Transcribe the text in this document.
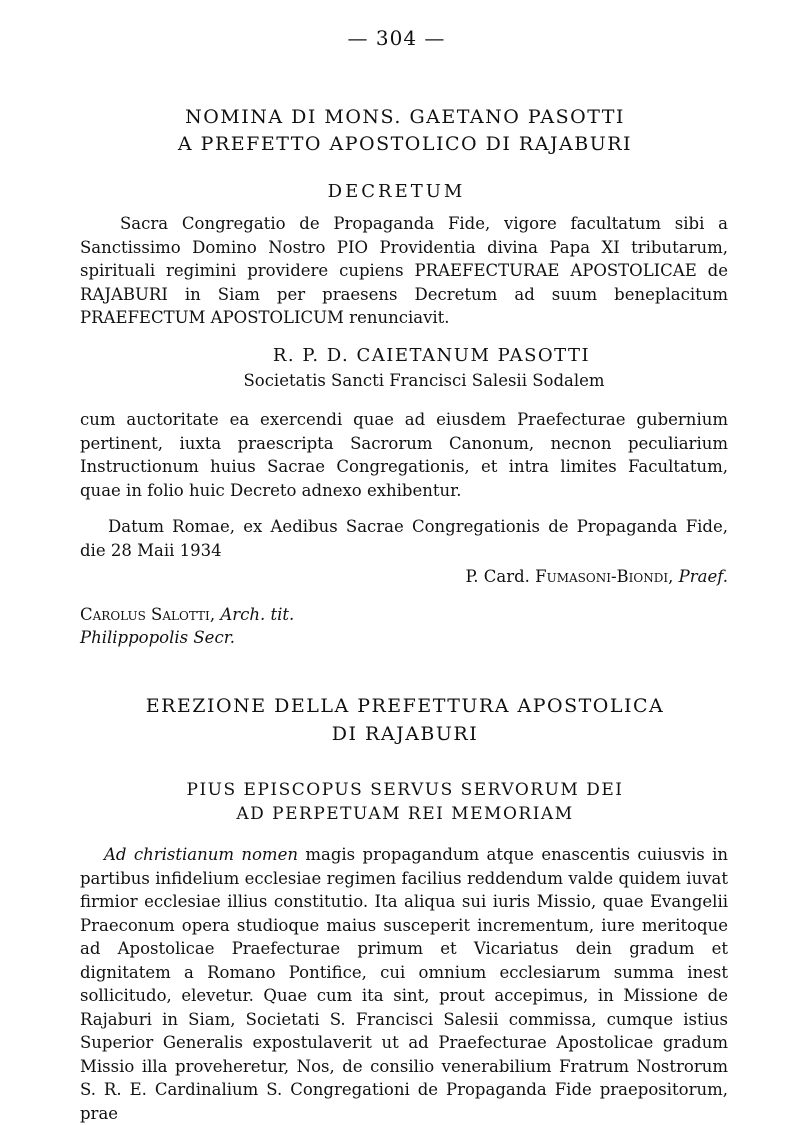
— 304 —
NOMINA DI MONS. GAETANO PASOTTI
A PREFETTO APOSTOLICO DI RAJABURI
DECRETUM
Sacra Congregatio de Propaganda Fide, vigore facultatum sibi a Sanctissimo Domino Nostro PIO Providentia divina Papa XI tributarum, spirituali regimini providere cupiens PRAEFECTURAE APOSTOLICAE de RAJABURI in Siam per praesens Decretum ad suum beneplacitum PRAEFECTUM APOSTOLICUM renunciavit.
R. P. D. CAIETANUM PASOTTI
Societatis Sancti Francisci Salesii Sodalem
cum auctoritate ea exercendi quae ad eiusdem Praefecturae gubernium pertinent, iuxta praescripta Sacrorum Canonum, necnon peculiarium Instructionum huius Sacrae Congregationis, et intra limites Facultatum, quae in folio huic Decreto adnexo exhibentur.
Datum Romae, ex Aedibus Sacrae Congregationis de Propaganda Fide, die 28 Maii 1934
P. Card. Fumasoni-Biondi, Praef.
Carolus Salotti, Arch. tit. Philippopolis Secr.
EREZIONE DELLA PREFETTURA APOSTOLICA
DI RAJABURI
PIUS EPISCOPUS SERVUS SERVORUM DEI
AD PERPETUAM REI MEMORIAM
Ad christianum nomen magis propagandum atque enascentis cuiusvis in partibus infidelium ecclesiae regimen facilius reddendum valde quidem iuvat firmior ecclesiae illius constitutio. Ita aliqua sui iuris Missio, quae Evangelii Praeconum opera studioque maius susceperit incrementum, iure meritoque ad Apostolicae Praefecturae primum et Vicariatus dein gradum et dignitatem a Romano Pontifice, cui omnium ecclesiarum summa inest sollicitudo, elevetur. Quae cum ita sint, prout accepimus, in Missione de Rajaburi in Siam, Societati S. Francisci Salesii commissa, cumque istius Superior Generalis expostulaverit ut ad Praefecturae Apostolicae gradum Missio illa proveheretur, Nos, de consilio venerabilium Fratrum Nostrorum S. R. E. Cardinalium S. Congregationi de Propaganda Fide praepositorum, prae
